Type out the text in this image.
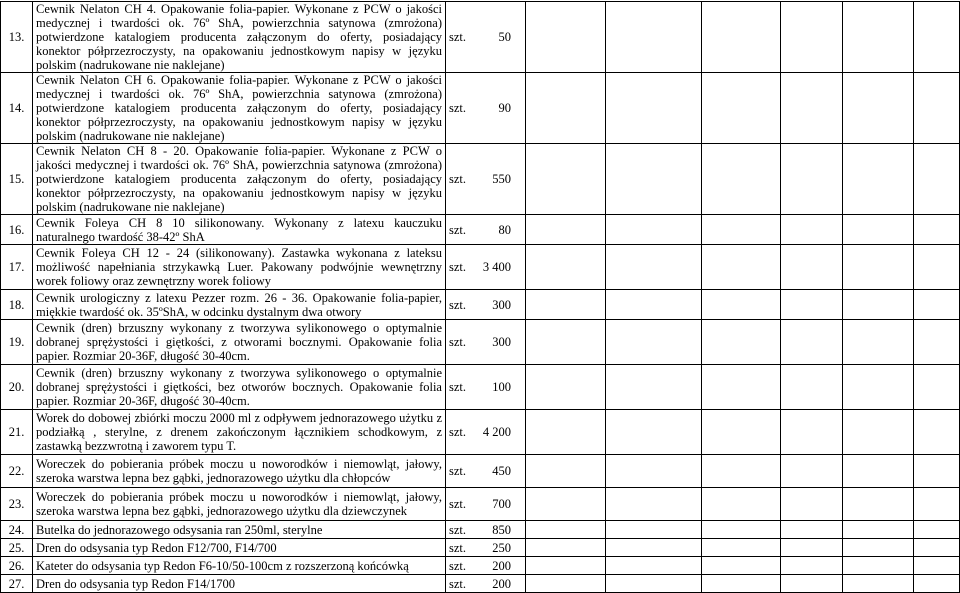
13.	Cewnik Nelaton CH 4. Opakowanie folia-papier. Wykonane z PCW o jakości medycznej i twardości ok. 76º ShA, powierzchnia satynowa (zmrożona) potwierdzone katalogiem producenta załączonym do oferty, posiadający konektor półprzezroczysty, na opakowaniu jednostkowym napisy w języku polskim (nadrukowane nie naklejane)	szt. 50						
14.	Cewnik Nelaton CH 6. Opakowanie folia-papier. Wykonane z PCW o jakości medycznej i twardości ok. 76º ShA, powierzchnia satynowa (zmrożona) potwierdzone katalogiem producenta załączonym do oferty, posiadający konektor półprzezroczysty, na opakowaniu jednostkowym napisy w języku polskim (nadrukowane nie naklejane)	szt. 90						
15.	Cewnik Nelaton CH 8 - 20. Opakowanie folia-papier. Wykonane z PCW o jakości medycznej i twardości ok. 76º ShA, powierzchnia satynowa (zmrożona) potwierdzone katalogiem producenta załączonym do oferty, posiadający konektor półprzezroczysty, na opakowaniu jednostkowym napisy w języku polskim (nadrukowane nie naklejane)	szt. 550						
16.	Cewnik Foleya CH 8 10 silikonowany. Wykonany z latexu kauczuku naturalnego twardość 38-42º ShA	szt. 80						
17.	Cewnik Foleya CH 12 - 24 (silikonowany). Zastawka wykonana z lateksu możliwość napełniania strzykawką Luer. Pakowany podwójnie wewnętrzny worek foliowy oraz zewnętrzny worek foliowy	szt. 3 400						
18.	Cewnik urologiczny z latexu Pezzer rozm. 26 - 36. Opakowanie folia-papier, miękkie twardość ok. 35ºShA, w odcinku dystalnym dwa otwory	szt. 300						
19.	Cewnik (dren) brzuszny wykonany z tworzywa sylikonowego o optymalnie dobranej sprężystości i giętkości, z otworami bocznymi. Opakowanie folia papier. Rozmiar 20-36F, długość 30-40cm.	szt. 300						
20.	Cewnik (dren) brzuszny wykonany z tworzywa sylikonowego o optymalnie dobranej sprężystości i giętkości, bez otworów bocznych. Opakowanie folia papier. Rozmiar 20-36F, długość 30-40cm.	szt. 100						
21.	Worek do dobowej zbiórki moczu 2000 ml z odpływem jednorazowego użytku z podziałką , sterylne, z drenem zakończonym łącznikiem schodkowym, z zastawką bezzwrotną i zaworem typu T.	szt. 4 200						
22.	Woreczek do pobierania próbek moczu u noworodków i niemowląt, jałowy, szeroka warstwa lepna bez gąbki, jednorazowego użytku dla chłopców	szt. 450						
23.	Woreczek do pobierania próbek moczu u noworodków i niemowląt, jałowy, szeroka warstwa lepna bez gąbki, jednorazowego użytku dla dziewczynek	szt. 700						
24.	Butelka do jednorazowego odsysania ran 250ml, sterylne	szt. 850						
25.	Dren do odsysania typ Redon F12/700, F14/700	szt. 250						
26.	Kateter do odsysania typ Redon F6-10/50-100cm z rozszerzoną końcówką	szt. 200						
27.	Dren do odsysania typ Redon F14/1700	szt. 200						
